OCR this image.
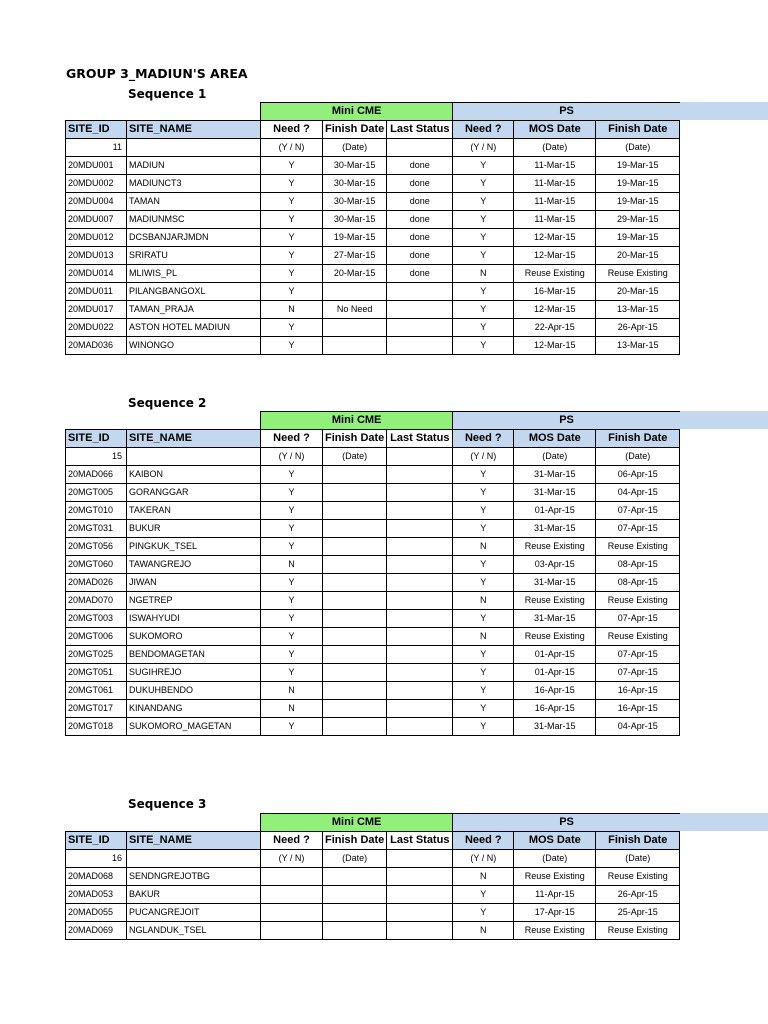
GROUP 3_MADIUN'S AREA
Sequence 1
		Mini CME			PS		
SITE_ID	SITE_NAME	Need ?	Finish Date	Last Status	Need ?	MOS Date	Finish Date
11		(Y / N)	(Date)		(Y / N)	(Date)	(Date)
20MDU001	MADIUN	Y	30-Mar-15	done	Y	11-Mar-15	19-Mar-15
20MDU002	MADIUNCT3	Y	30-Mar-15	done	Y	11-Mar-15	19-Mar-15
20MDU004	TAMAN	Y	30-Mar-15	done	Y	11-Mar-15	19-Mar-15
20MDU007	MADIUNMSC	Y	30-Mar-15	done	Y	11-Mar-15	29-Mar-15
20MDU012	DCSBANJARJMDN	Y	19-Mar-15	done	Y	12-Mar-15	19-Mar-15
20MDU013	SRIRATU	Y	27-Mar-15	done	Y	12-Mar-15	20-Mar-15
20MDU014	MLIWIS_PL	Y	20-Mar-15	done	N	Reuse Existing	Reuse Existing
20MDU011	PILANGBANGOXL	Y			Y	16-Mar-15	20-Mar-15
20MDU017	TAMAN_PRAJA	N	No Need		Y	12-Mar-15	13-Mar-15
20MDU022	ASTON HOTEL MADIUN	Y			Y	22-Apr-15	26-Apr-15
20MAD036	WINONGO	Y			Y	12-Mar-15	13-Mar-15
Sequence 2
		Mini CME			PS		
SITE_ID	SITE_NAME	Need ?	Finish Date	Last Status	Need ?	MOS Date	Finish Date
15		(Y / N)	(Date)		(Y / N)	(Date)	(Date)
20MAD066	KAIBON	Y			Y	31-Mar-15	06-Apr-15
20MGT005	GORANGGAR	Y			Y	31-Mar-15	04-Apr-15
20MGT010	TAKERAN	Y			Y	01-Apr-15	07-Apr-15
20MGT031	BUKUR	Y			Y	31-Mar-15	07-Apr-15
20MGT056	PINGKUK_TSEL	Y			N	Reuse Existing	Reuse Existing
20MGT060	TAWANGREJO	N			Y	03-Apr-15	08-Apr-15
20MAD026	JIWAN	Y			Y	31-Mar-15	08-Apr-15
20MAD070	NGETREP	Y			N	Reuse Existing	Reuse Existing
20MGT003	ISWAHYUDI	Y			Y	31-Mar-15	07-Apr-15
20MGT006	SUKOMORO	Y			N	Reuse Existing	Reuse Existing
20MGT025	BENDOMAGETAN	Y			Y	01-Apr-15	07-Apr-15
20MGT051	SUGIHREJO	Y			Y	01-Apr-15	07-Apr-15
20MGT061	DUKUHBENDO	N			Y	16-Apr-15	16-Apr-15
20MGT017	KINANDANG	N			Y	16-Apr-15	16-Apr-15
20MGT018	SUKOMORO_MAGETAN	Y			Y	31-Mar-15	04-Apr-15
Sequence 3
		Mini CME			PS		
SITE_ID	SITE_NAME	Need ?	Finish Date	Last Status	Need ?	MOS Date	Finish Date
16		(Y / N)	(Date)		(Y / N)	(Date)	(Date)
20MAD068	SENDNGREJOTBG				N	Reuse Existing	Reuse Existing
20MAD053	BAKUR				Y	11-Apr-15	26-Apr-15
20MAD055	PUCANGREJOIT				Y	17-Apr-15	25-Apr-15
20MAD069	NGLANDUK_TSEL				N	Reuse Existing	Reuse Existing
